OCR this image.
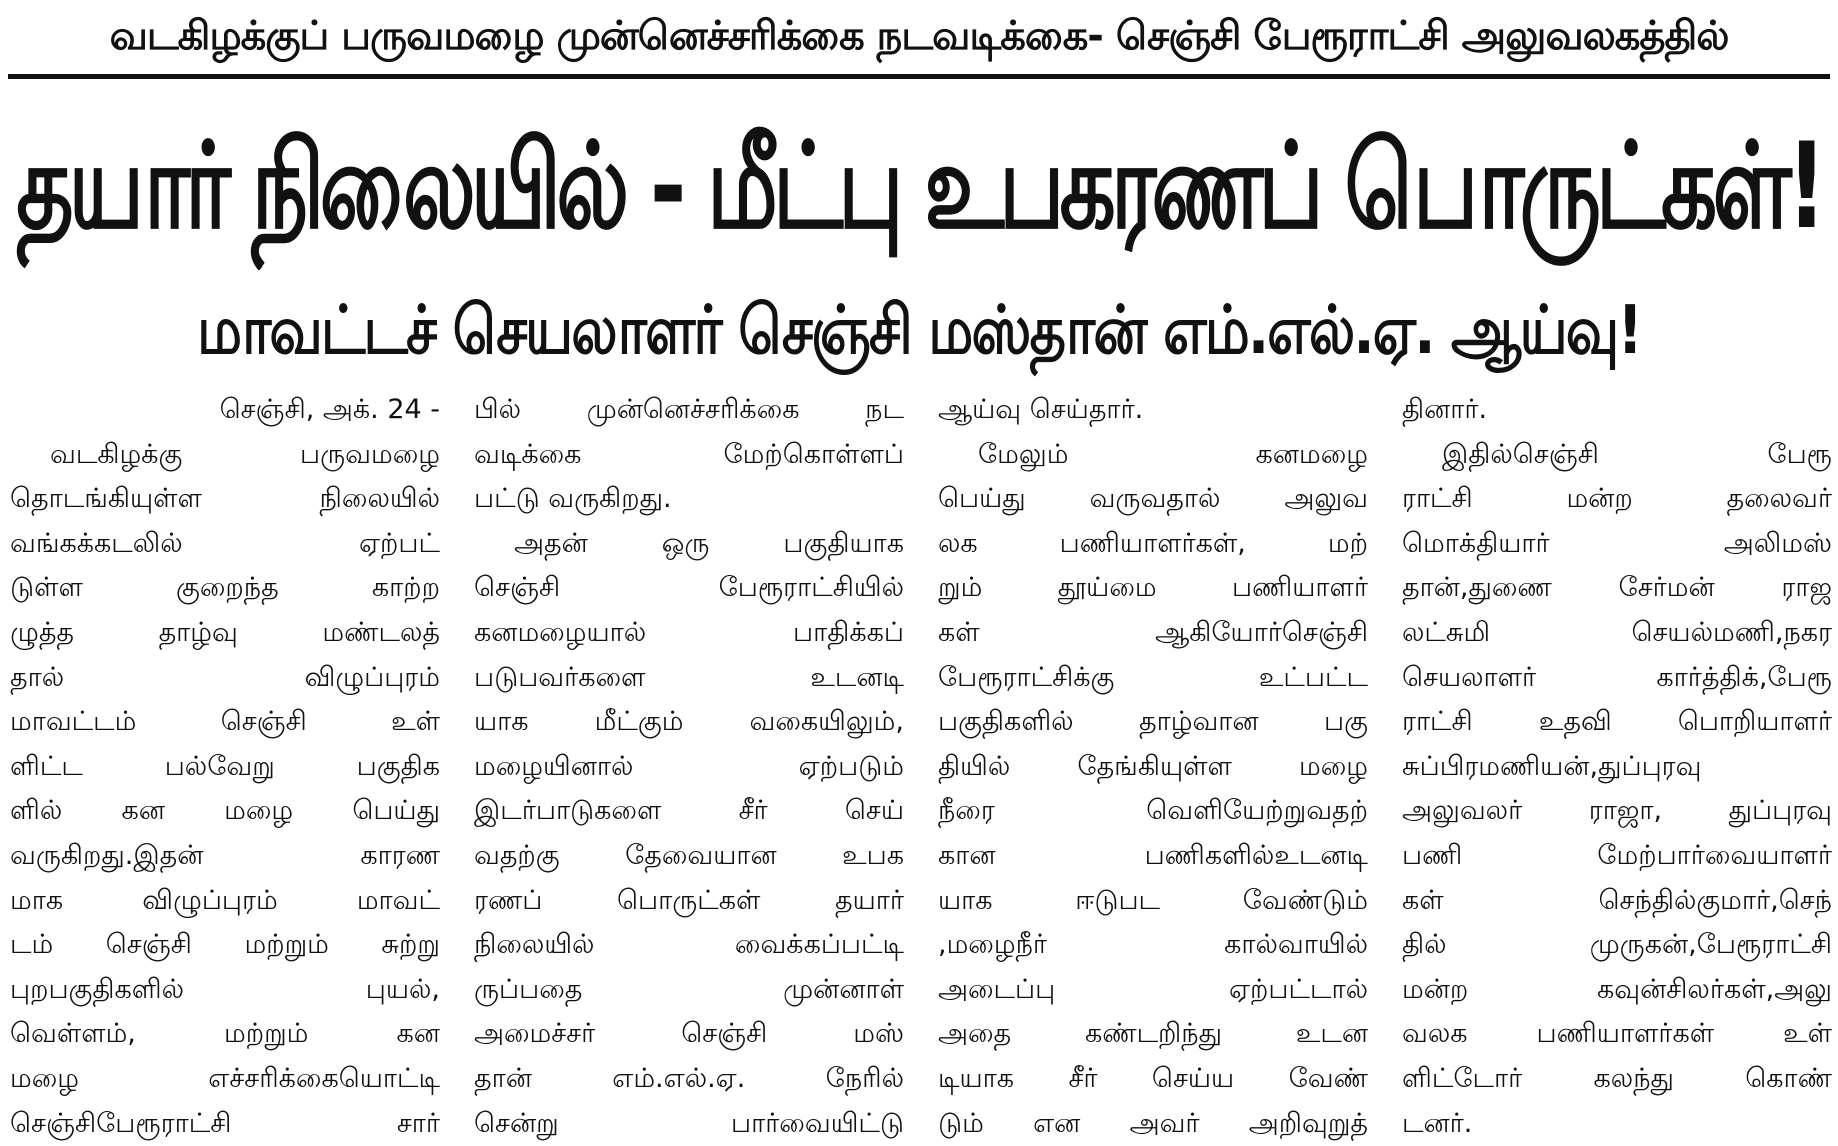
வடகிழக்குப் பருவமழை முன்னெச்சரிக்கை நடவடிக்கை- செஞ்சி பேரூராட்சி அலுவலகத்தில்
தயார் நிலையில் - மீட்பு உபகரணப் பொருட்கள்!
மாவட்டச் செயலாளர் செஞ்சி மஸ்தான் எம்.எல்.ஏ. ஆய்வு!
செஞ்சி, அக். 24 -
வடகிழக்கு பருவமழை
தொடங்கியுள்ள நிலையில்
வங்கக்கடலில் ஏற்பட்
டுள்ள குறைந்த காற்ற
ழுத்த தாழ்வு மண்டலத்
தால் விழுப்புரம்
மாவட்டம் செஞ்சி உள்
ளிட்ட பல்வேறு பகுதிக
ளில் கன மழை பெய்து
வருகிறது.இதன் காரண
மாக விழுப்புரம் மாவட்
டம் செஞ்சி மற்றும் சுற்று
புறபகுதிகளில் புயல்,
வெள்ளம், மற்றும் கன
மழை எச்சரிக்கையொட்டி
செஞ்சிபேரூராட்சி சார்
பில் முன்னெச்சரிக்கை நட
வடிக்கை மேற்கொள்ளப்
பட்டு வருகிறது.
அதன் ஒரு பகுதியாக
செஞ்சி பேரூராட்சியில்
கனமழையால் பாதிக்கப்
படுபவர்களை உடனடி
யாக மீட்கும் வகையிலும்,
மழையினால் ஏற்படும்
இடர்பாடுகளை சீர் செய்
வதற்கு தேவையான உபக
ரணப் பொருட்கள் தயார்
நிலையில் வைக்கப்பட்டி
ருப்பதை முன்னாள்
அமைச்சர் செஞ்சி மஸ்
தான் எம்.எல்.ஏ. நேரில்
சென்று பார்வையிட்டு
ஆய்வு செய்தார்.
மேலும் கனமழை
பெய்து வருவதால் அலுவ
லக பணியாளர்கள், மற்
றும் தூய்மை பணியாளர்
கள் ஆகியோர்செஞ்சி
பேரூராட்சிக்கு உட்பட்ட
பகுதிகளில் தாழ்வான பகு
தியில் தேங்கியுள்ள மழை
நீரை வெளியேற்றுவதற்
கான பணிகளில்உடனடி
யாக ஈடுபட வேண்டும்
,மழைநீர் கால்வாயில்
அடைப்பு ஏற்பட்டால்
அதை கண்டறிந்து உடன
டியாக சீர் செய்ய வேண்
டும் என அவர் அறிவுறுத்
தினார்.
இதில்செஞ்சி பேரூ
ராட்சி மன்ற தலைவர்
மொக்தியார் அலிமஸ்
தான்,துணை சேர்மன் ராஜ
லட்சுமி செயல்மணி,நகர
செயலாளர் கார்த்திக்,பேரூ
ராட்சி உதவி பொறியாளர்
சுப்பிரமணியன்,துப்புரவு
அலுவலர் ராஜா, துப்புரவு
பணி மேற்பார்வையாளர்
கள் செந்தில்குமார்,செந்
தில் முருகன்,பேரூராட்சி
மன்ற கவுன்சிலர்கள்,அலு
வலக பணியாளர்கள் உள்
ளிட்டோர் கலந்து கொண்
டனர்.
